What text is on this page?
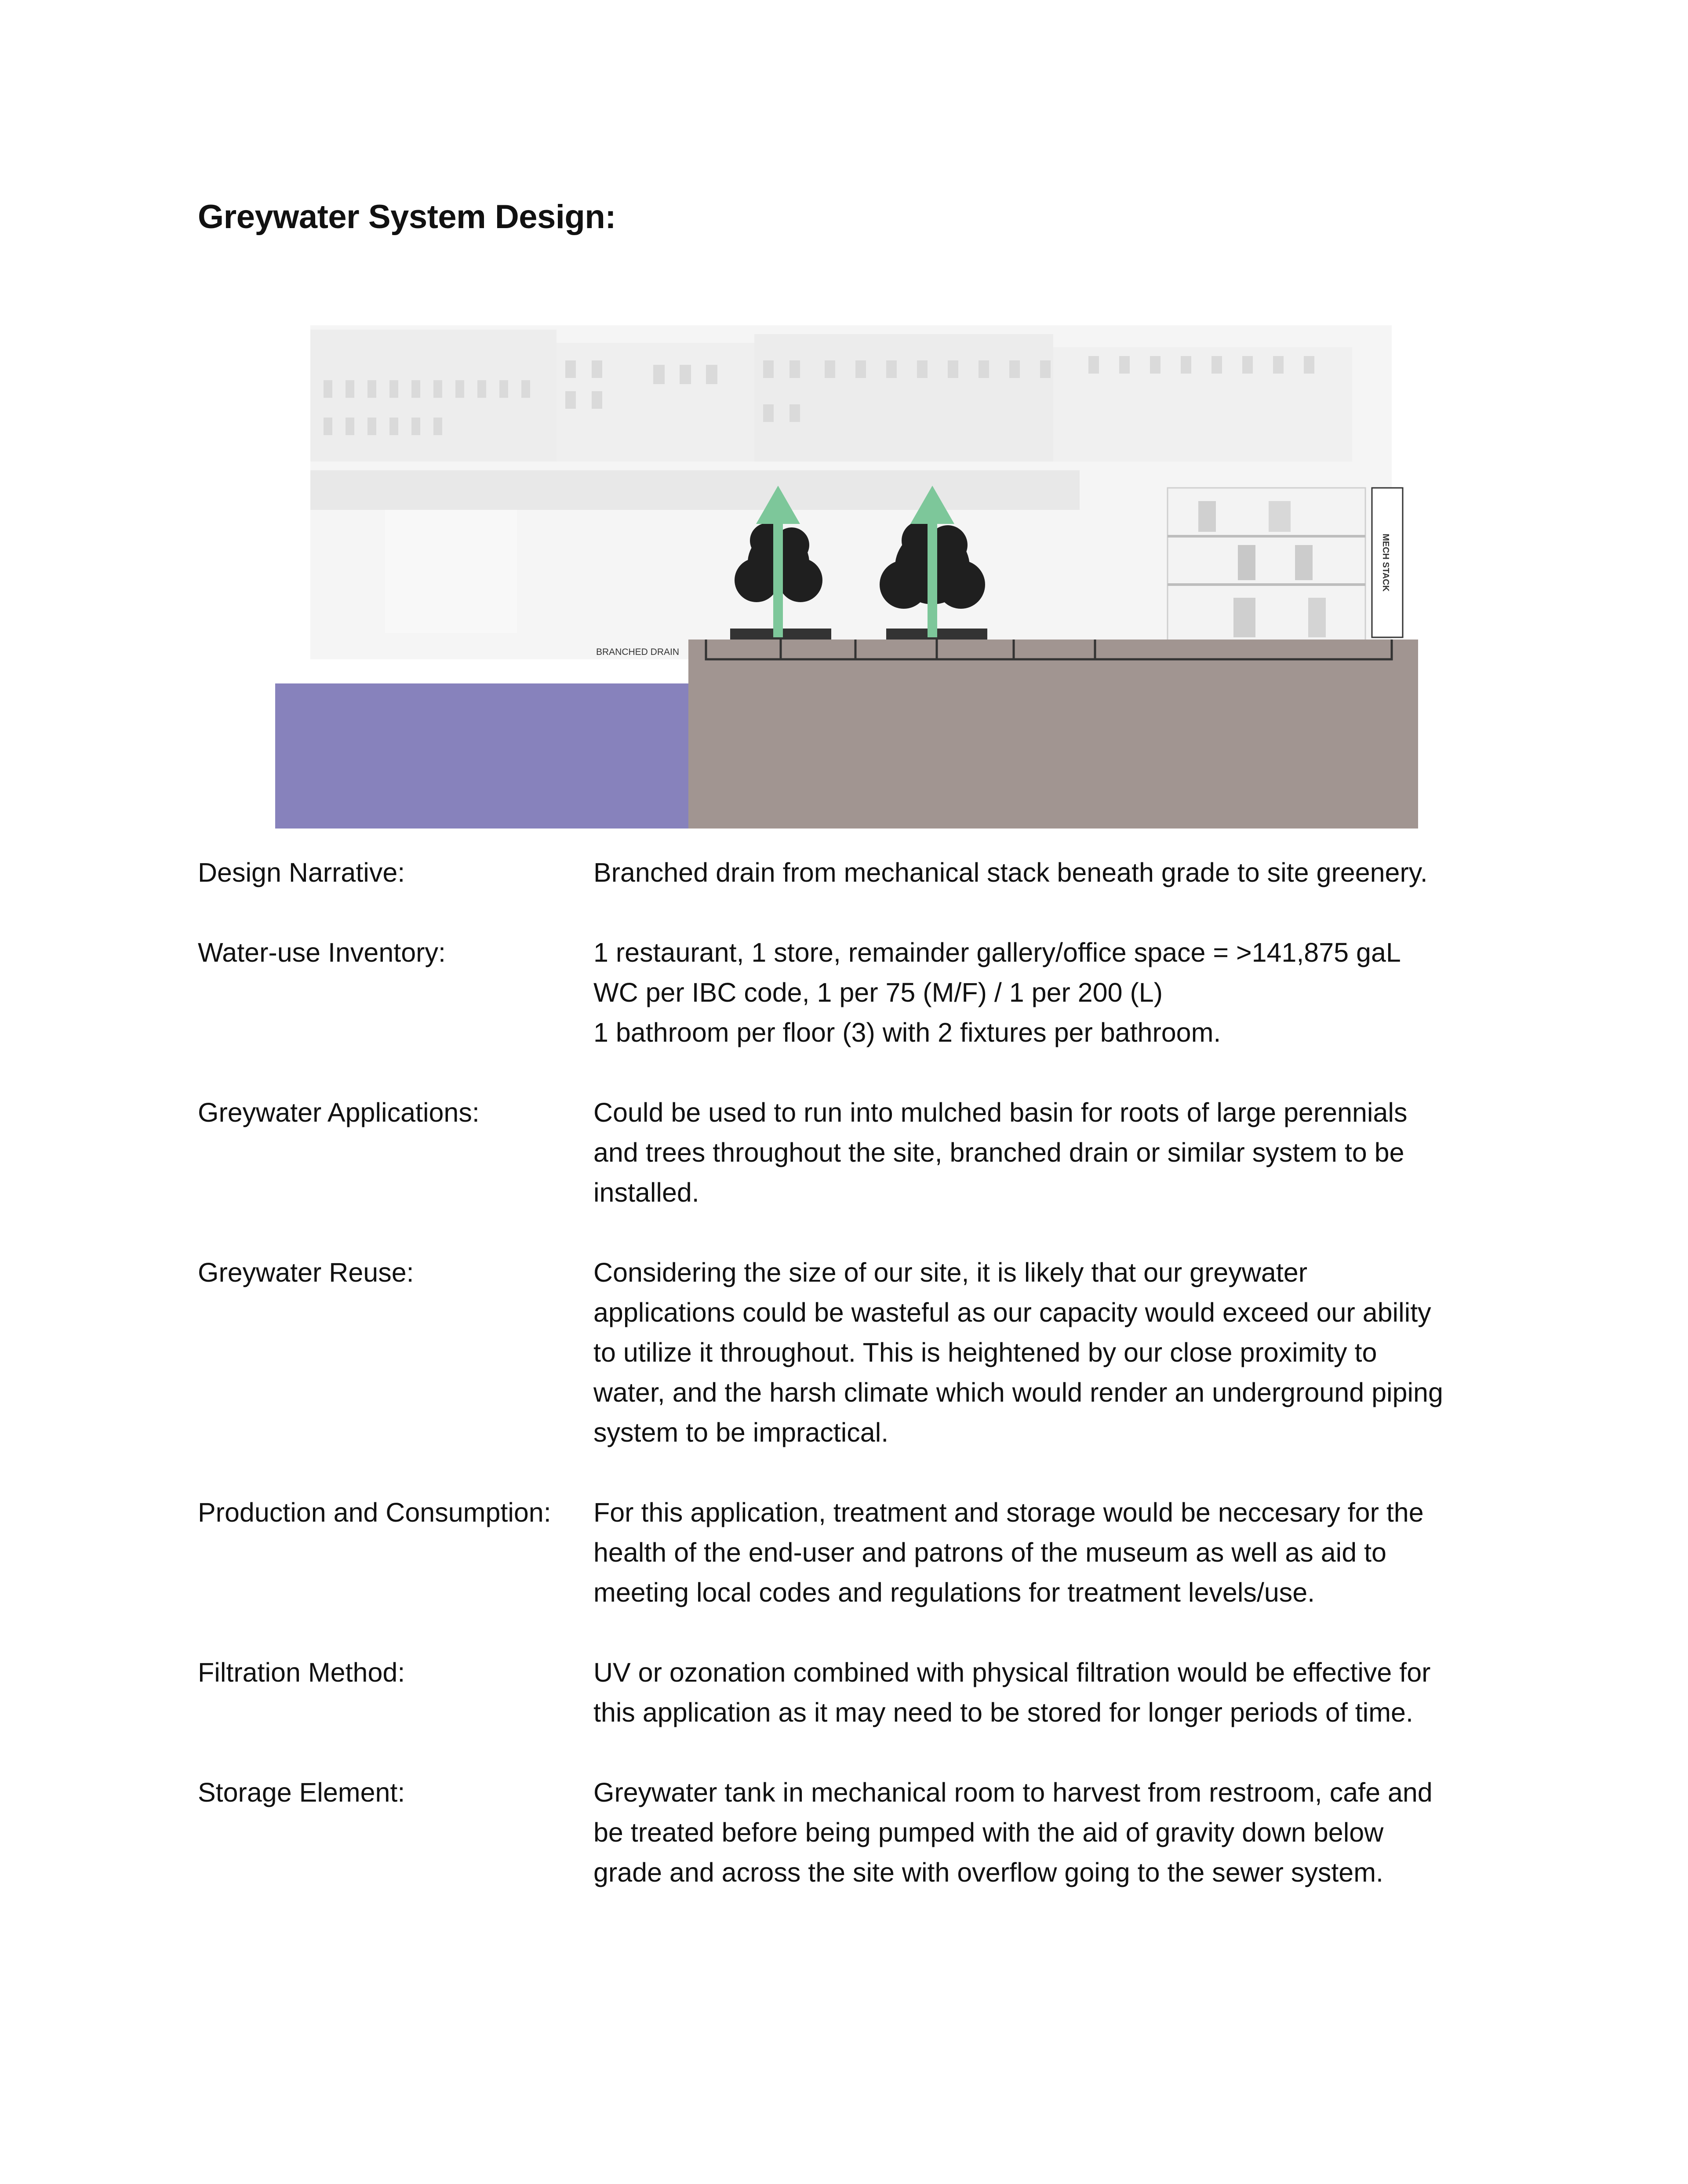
Greywater System Design:
MECH STACK
BRANCHED DRAIN
Design Narrative:	Branched drain from mechanical stack beneath grade to site greenery.
Water-use Inventory:	1 restaurant, 1 store, remainder gallery/office space = >141,875 gaL
WC per IBC code, 1 per 75 (M/F) / 1 per 200 (L)
1 bathroom per floor (3) with 2 fixtures per bathroom.
Greywater Applications:	Could be used to run into mulched basin for roots of large perennials
and trees throughout the site, branched drain or similar system to be
installed.
Greywater Reuse:	Considering the size of our site, it is likely that our greywater
applications could be wasteful as our capacity would exceed our ability
to utilize it throughout. This is heightened by our close proximity to
water, and the harsh climate which would render an underground piping
system to be impractical.
Production and Consumption:	For this application, treatment and storage would be neccesary for the
health of the end-user and patrons of the museum as well as aid to
meeting local codes and regulations for treatment levels/use.
Filtration Method:	UV or ozonation combined with physical filtration would be effective for
this application as it may need to be stored for longer periods of time.
Storage Element:	Greywater tank in mechanical room to harvest from restroom, cafe and
be treated before being pumped with the aid of gravity down below
grade and across the site with overflow going to the sewer system.
